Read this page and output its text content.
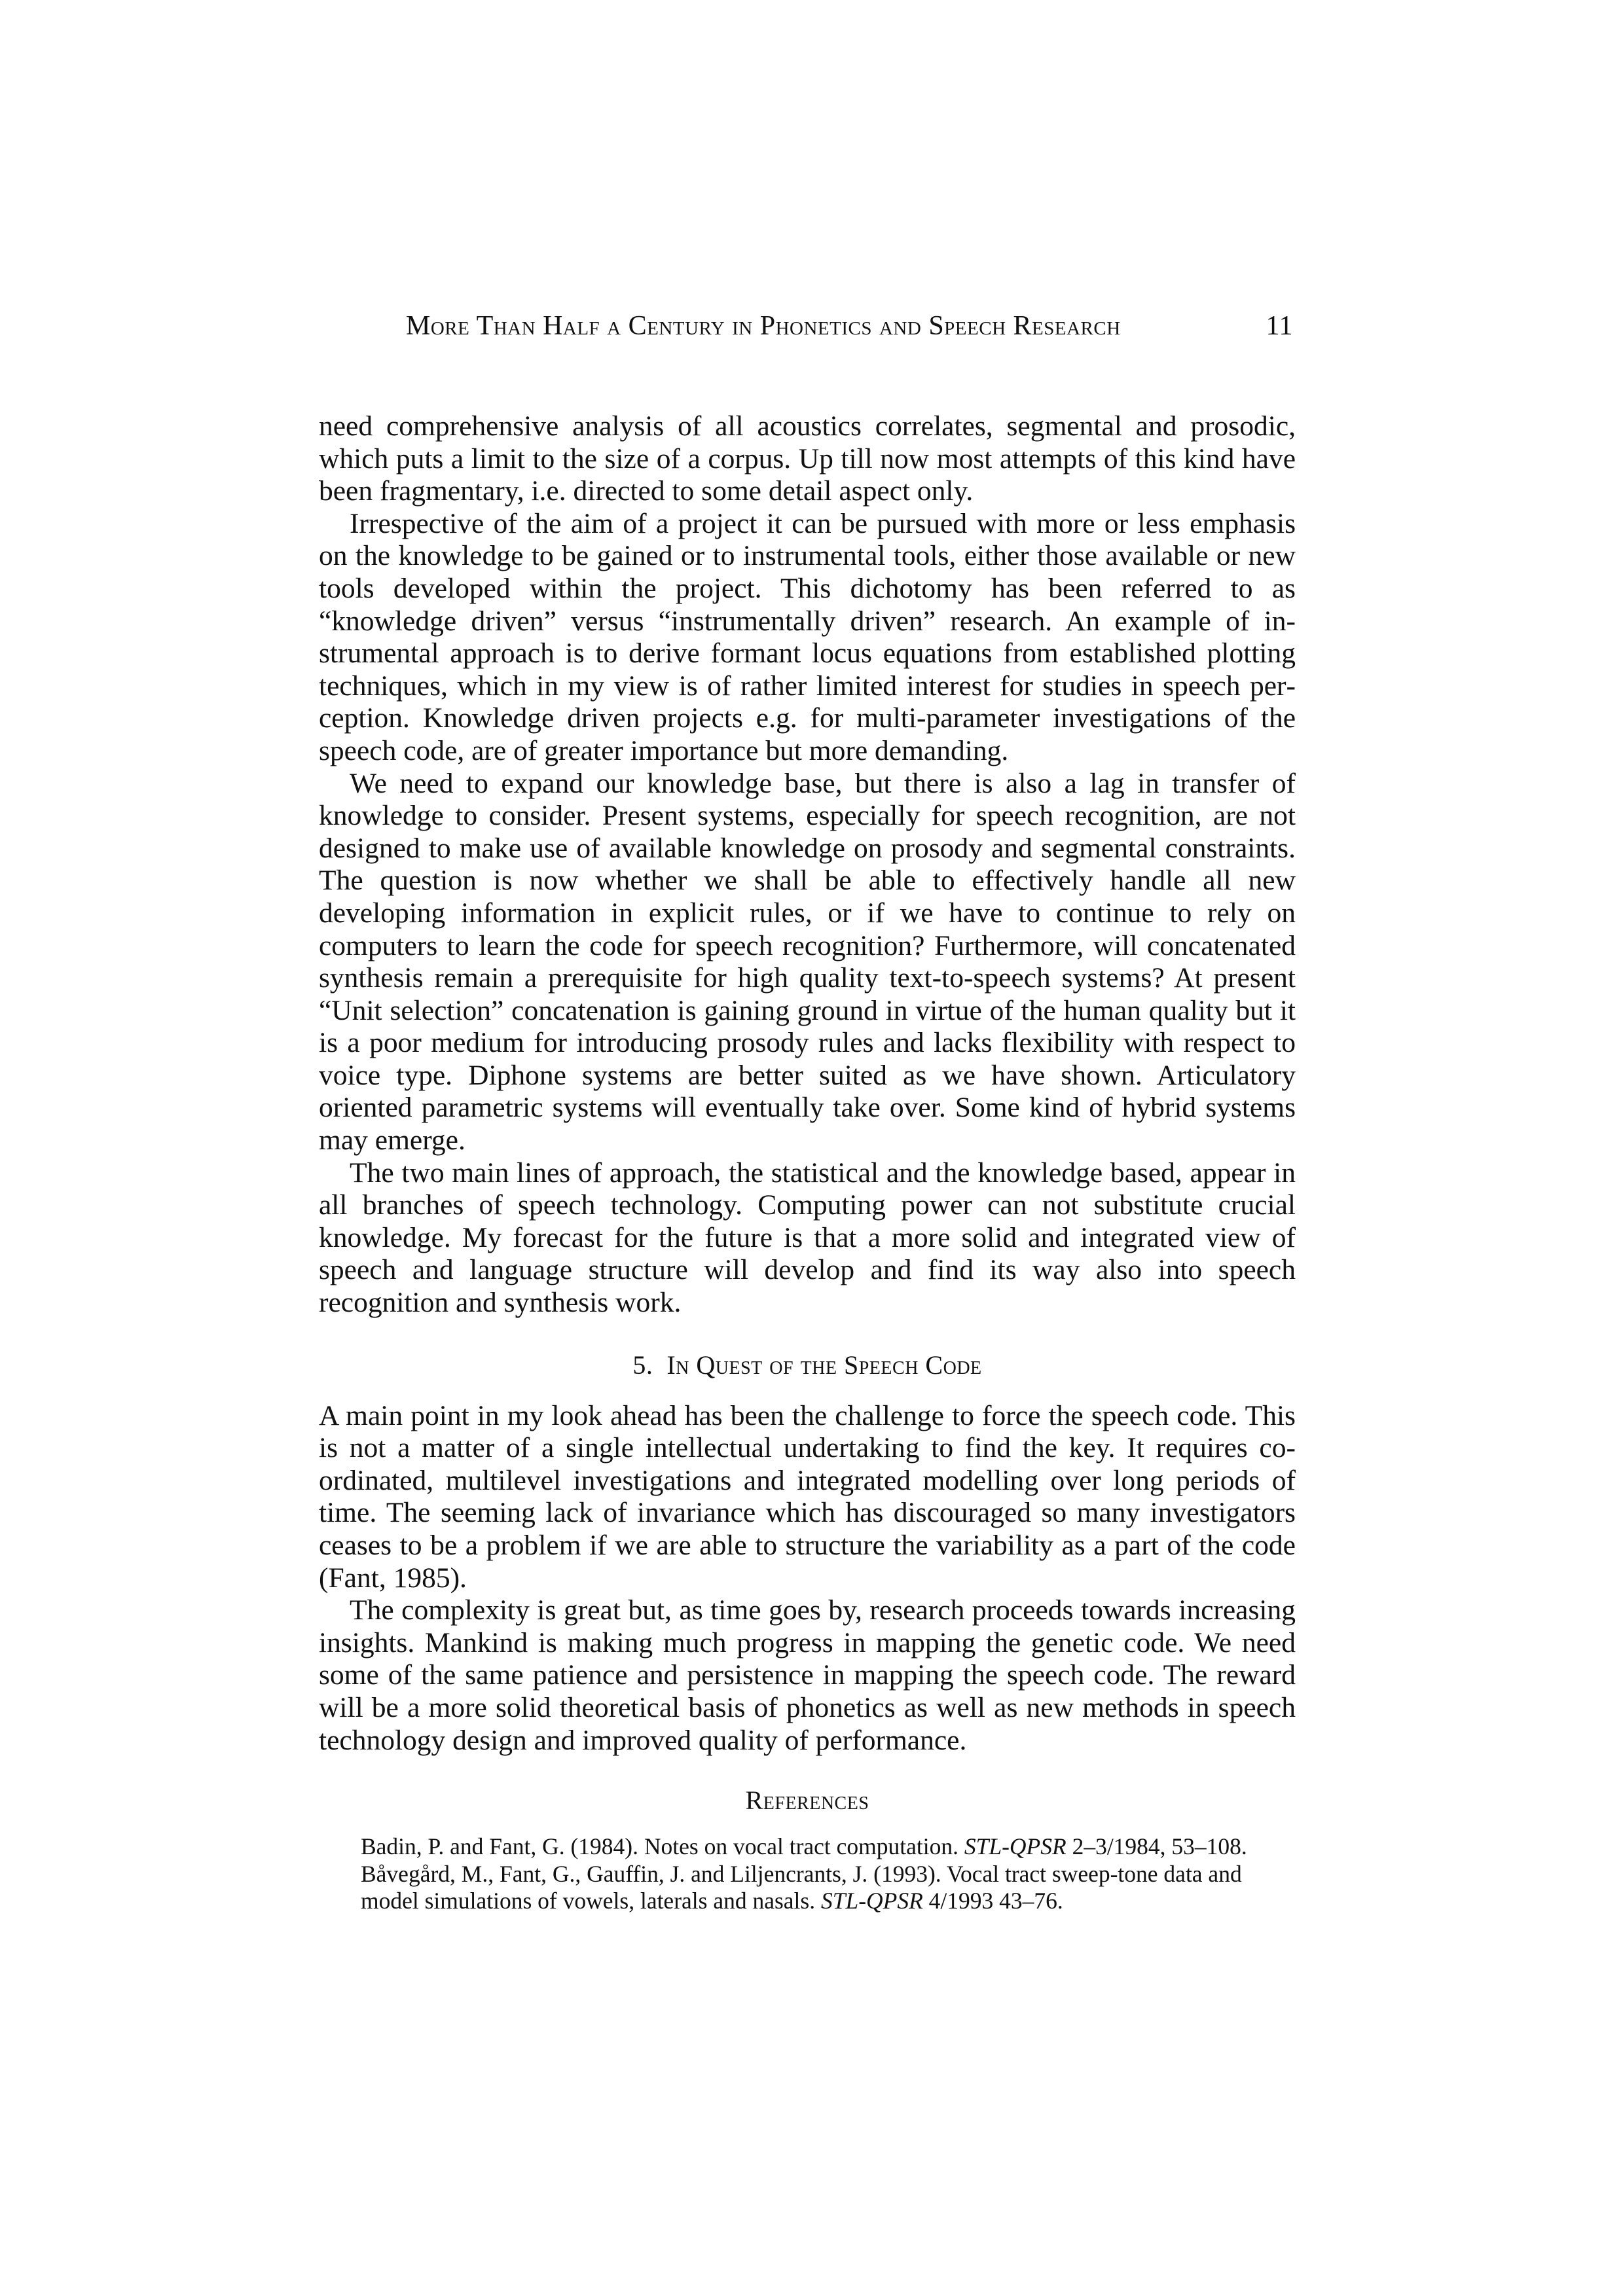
More Than Half a Century in Phonetics and Speech Research	11

need comprehensive analysis of all acoustics correlates, segmental and prosodic, which puts a limit to the size of a corpus. Up till now most attempts of this kind have been fragmentary, i.e. directed to some detail aspect only.

Irrespective of the aim of a project it can be pursued with more or less emphasis on the knowledge to be gained or to instrumental tools, either those available or new tools developed within the project. This dichotomy has been referred to as “knowledge driven” versus “instrumentally driven” research. An example of instrumental approach is to derive formant locus equations from established plotting techniques, which in my view is of rather limited interest for studies in speech perception. Knowledge driven projects e.g. for multi-parameter investigations of the speech code, are of greater importance but more demanding.

We need to expand our knowledge base, but there is also a lag in transfer of knowledge to consider. Present systems, especially for speech recognition, are not designed to make use of available knowledge on prosody and segmental constraints. The question is now whether we shall be able to effectively handle all new developing information in explicit rules, or if we have to continue to rely on computers to learn the code for speech recognition? Furthermore, will concatenated synthesis remain a prerequisite for high quality text-to-speech systems? At present “Unit selection” concatenation is gaining ground in virtue of the human quality but it is a poor medium for introducing prosody rules and lacks flexibility with respect to voice type. Diphone systems are better suited as we have shown. Articulatory oriented parametric systems will eventually take over. Some kind of hybrid systems may emerge.

The two main lines of approach, the statistical and the knowledge based, appear in all branches of speech technology. Computing power can not substitute crucial knowledge. My forecast for the future is that a more solid and integrated view of speech and language structure will develop and find its way also into speech recognition and synthesis work.

5. In Quest of the Speech Code

A main point in my look ahead has been the challenge to force the speech code. This is not a matter of a single intellectual undertaking to find the key. It requires coordinated, multilevel investigations and integrated modelling over long periods of time. The seeming lack of invariance which has discouraged so many investigators ceases to be a problem if we are able to structure the variability as a part of the code (Fant, 1985).

The complexity is great but, as time goes by, research proceeds towards increasing insights. Mankind is making much progress in mapping the genetic code. We need some of the same patience and persistence in mapping the speech code. The reward will be a more solid theoretical basis of phonetics as well as new methods in speech technology design and improved quality of performance.

References

Badin, P. and Fant, G. (1984). Notes on vocal tract computation. STL-QPSR 2–3/1984, 53–108.

Båvegård, M., Fant, G., Gauffin, J. and Liljencrants, J. (1993). Vocal tract sweep-tone data and model simulations of vowels, laterals and nasals. STL-QPSR 4/1993 43–76.
